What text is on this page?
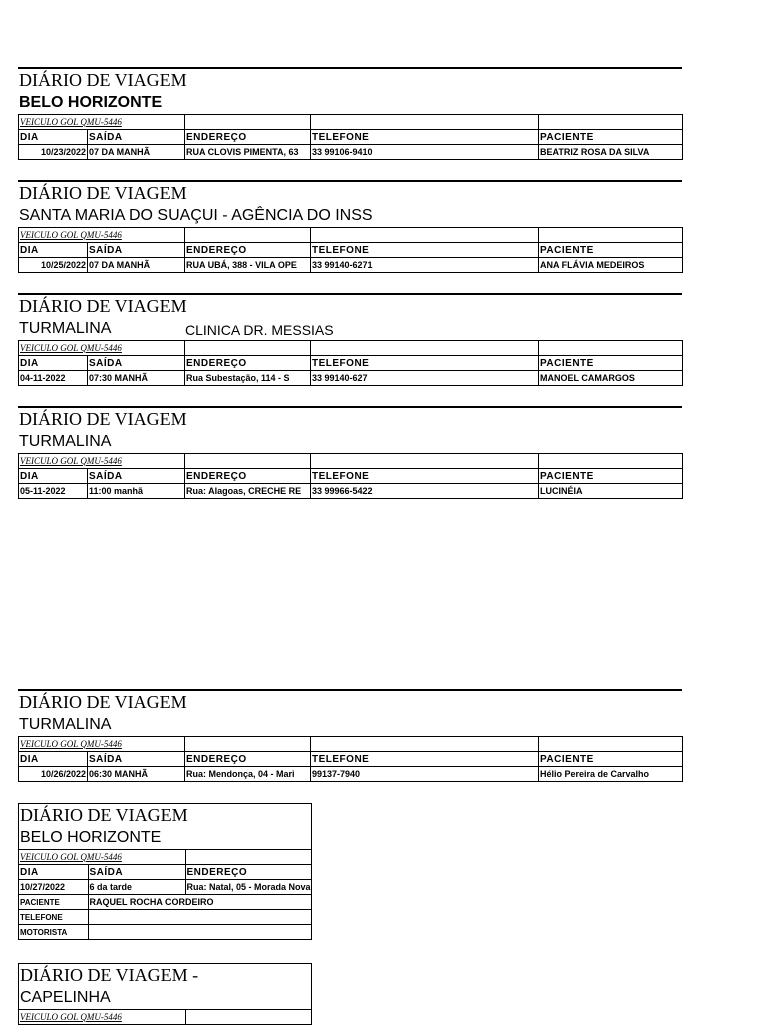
DIÁRIO DE VIAGEM
BELO HORIZONTE
VEICULO GOL QMU-5446				
DIA	SAÍDA	ENDEREÇO	TELEFONE	PACIENTE
10/23/2022	07 DA MANHÃ	RUA CLOVIS PIMENTA, 63	33 99106-9410	BEATRIZ ROSA DA SILVA
DIÁRIO DE VIAGEM
SANTA MARIA DO SUAÇUI - AGÊNCIA DO INSS
VEICULO GOL QMU-5446				
DIA	SAÍDA	ENDEREÇO	TELEFONE	PACIENTE
10/25/2022	07 DA MANHÃ	RUA UBÁ, 388 - VILA OPE	33 99140-6271	ANA FLÁVIA MEDEIROS
DIÁRIO DE VIAGEM
TURMALINA	CLINICA DR. MESSIAS
VEICULO GOL QMU-5446				
DIA	SAÍDA	ENDEREÇO	TELEFONE	PACIENTE
04-11-2022	07:30 MANHÃ	Rua Subestação, 114 - S	33 99140-627	MANOEL CAMARGOS
DIÁRIO DE VIAGEM
TURMALINA
VEICULO GOL QMU-5446				
DIA	SAÍDA	ENDEREÇO	TELEFONE	PACIENTE
05-11-2022	11:00 manhã	Rua: Alagoas, CRECHE RE	33 99966-5422	LUCINÉIA
DIÁRIO DE VIAGEM
TURMALINA
VEICULO GOL QMU-5446				
DIA	SAÍDA	ENDEREÇO	TELEFONE	PACIENTE
10/26/2022	06:30 MANHÃ	Rua: Mendonça, 04 - Mari	99137-7940	Hélio Pereira de Carvalho
DIÁRIO DE VIAGEM
BELO HORIZONTE
VEICULO GOL QMU-5446		
DIA	SAÍDA	ENDEREÇO
10/27/2022	6 da tarde	Rua: Natal, 05 - Morada Nova
PACIENTE	RAQUEL ROCHA CORDEIRO	
TELEFONE		
MOTORISTA		
DIÁRIO DE VIAGEM -
CAPELINHA
VEICULO GOL QMU-5446	
